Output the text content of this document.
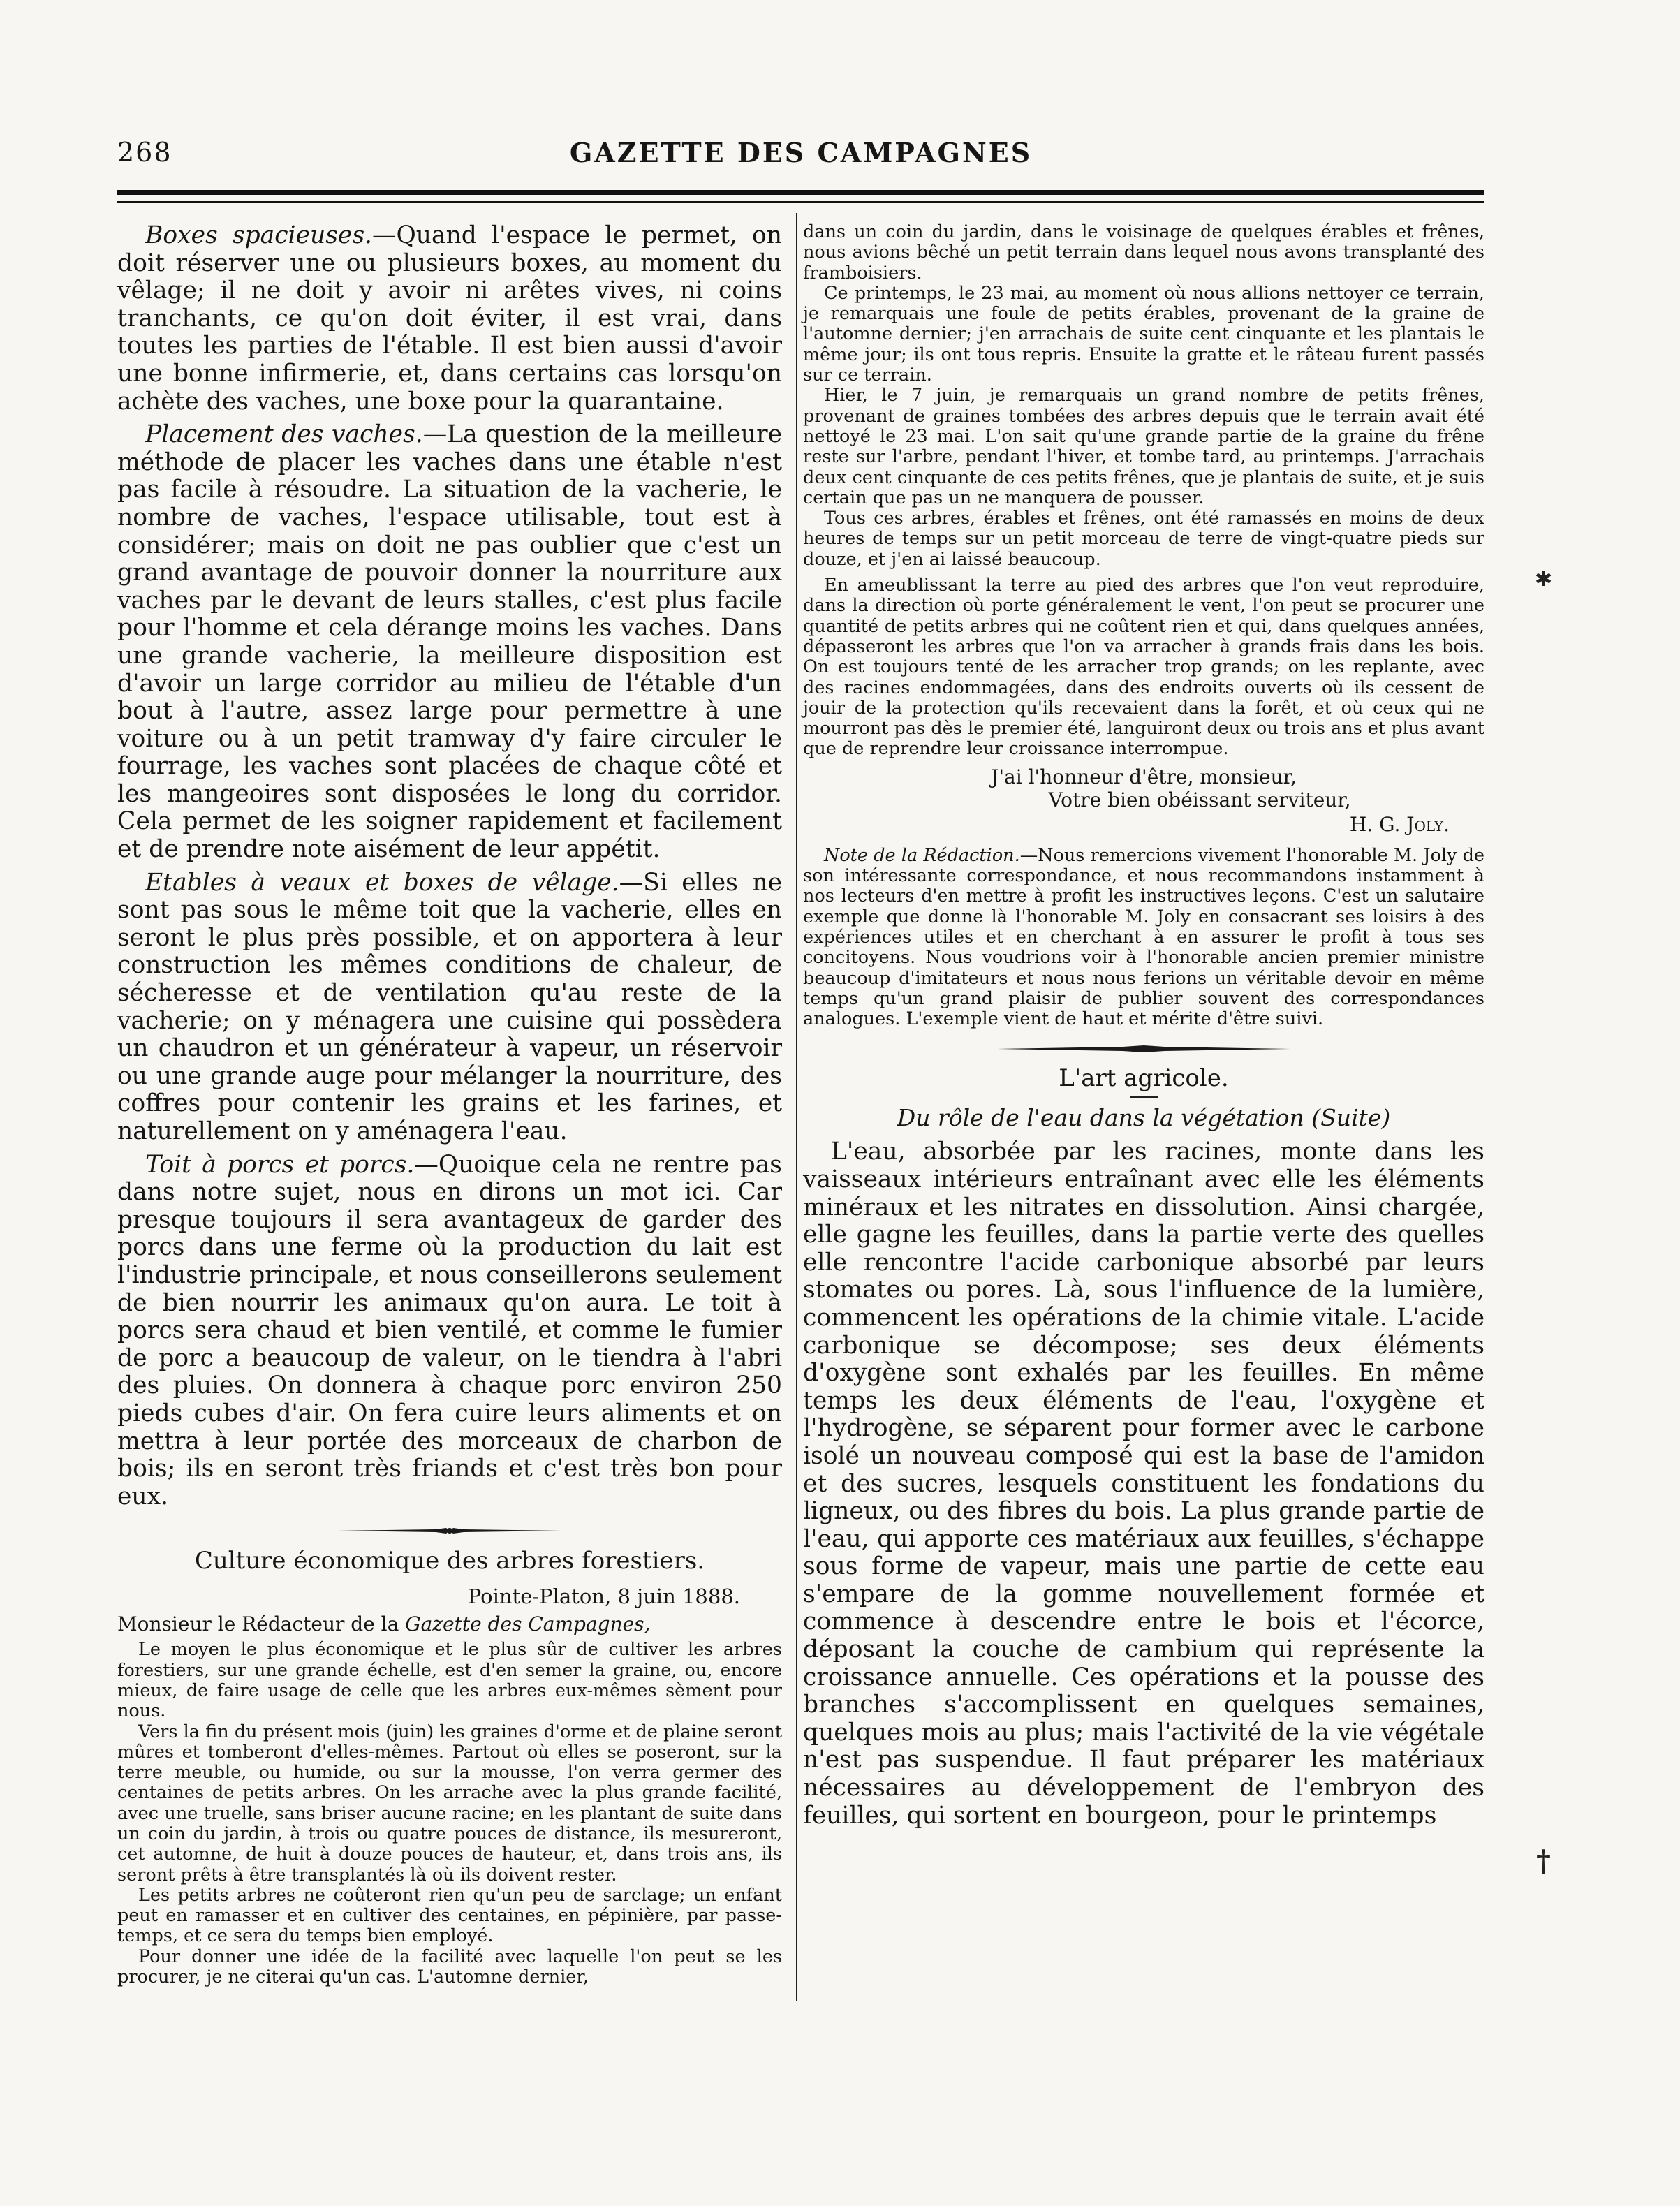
268	GAZETTE DES CAMPAGNES
✱
†

Boxes spacieuses.—Quand l'espace le permet, on doit réserver une ou plusieurs boxes, au moment du vêlage; il ne doit y avoir ni arêtes vives, ni coins tranchants, ce qu'on doit éviter, il est vrai, dans toutes les parties de l'étable. Il est bien aussi d'avoir une bonne infirmerie, et, dans certains cas lorsqu'on achète des vaches, une boxe pour la quarantaine.

Placement des vaches.—La question de la meilleure méthode de placer les vaches dans une étable n'est pas facile à résoudre. La situation de la vacherie, le nombre de vaches, l'espace utilisable, tout est à considérer; mais on doit ne pas oublier que c'est un grand avantage de pouvoir donner la nourriture aux vaches par le devant de leurs stalles, c'est plus facile pour l'homme et cela dérange moins les vaches. Dans une grande vacherie, la meilleure disposition est d'avoir un large corridor au milieu de l'étable d'un bout à l'autre, assez large pour permettre à une voiture ou à un petit tramway d'y faire circuler le fourrage, les vaches sont placées de chaque côté et les mangeoires sont disposées le long du corridor. Cela permet de les soigner rapidement et facilement et de prendre note aisément de leur appétit.

Etables à veaux et boxes de vêlage.—Si elles ne sont pas sous le même toit que la vacherie, elles en seront le plus près possible, et on apportera à leur construction les mêmes conditions de chaleur, de sécheresse et de ventilation qu'au reste de la vacherie; on y ménagera une cuisine qui possèdera un chaudron et un générateur à vapeur, un réservoir ou une grande auge pour mélanger la nourriture, des coffres pour contenir les grains et les farines, et naturellement on y aménagera l'eau.

Toit à porcs et porcs.—Quoique cela ne rentre pas dans notre sujet, nous en dirons un mot ici. Car presque toujours il sera avantageux de garder des porcs dans une ferme où la production du lait est l'industrie principale, et nous conseillerons seulement de bien nourrir les animaux qu'on aura. Le toit à porcs sera chaud et bien ventilé, et comme le fumier de porc a beaucoup de valeur, on le tiendra à l'abri des pluies. On donnera à chaque porc environ 250 pieds cubes d'air. On fera cuire leurs aliments et on mettra à leur portée des morceaux de charbon de bois; ils en seront très friands et c'est très bon pour eux.

Culture économique des arbres forestiers.
Pointe-Platon, 8 juin 1888.
Monsieur le Rédacteur de la Gazette des Campagnes,

Le moyen le plus économique et le plus sûr de cultiver les arbres forestiers, sur une grande échelle, est d'en semer la graine, ou, encore mieux, de faire usage de celle que les arbres eux-mêmes sèment pour nous.

Vers la fin du présent mois (juin) les graines d'orme et de plaine seront mûres et tomberont d'elles-mêmes. Partout où elles se poseront, sur la terre meuble, ou humide, ou sur la mousse, l'on verra germer des centaines de petits arbres. On les arrache avec la plus grande facilité, avec une truelle, sans briser aucune racine; en les plantant de suite dans un coin du jardin, à trois ou quatre pouces de distance, ils mesureront, cet automne, de huit à douze pouces de hauteur, et, dans trois ans, ils seront prêts à être transplantés là où ils doivent rester.

Les petits arbres ne coûteront rien qu'un peu de sarclage; un enfant peut en ramasser et en cultiver des centaines, en pépinière, par passe-temps, et ce sera du temps bien employé.

Pour donner une idée de la facilité avec laquelle l'on peut se les procurer, je ne citerai qu'un cas. L'automne dernier,

dans un coin du jardin, dans le voisinage de quelques érables et frênes, nous avions bêché un petit terrain dans lequel nous avons transplanté des framboisiers.

Ce printemps, le 23 mai, au moment où nous allions nettoyer ce terrain, je remarquais une foule de petits érables, provenant de la graine de l'automne dernier; j'en arrachais de suite cent cinquante et les plantais le même jour; ils ont tous repris. Ensuite la gratte et le râteau furent passés sur ce terrain.

Hier, le 7 juin, je remarquais un grand nombre de petits frênes, provenant de graines tombées des arbres depuis que le terrain avait été nettoyé le 23 mai. L'on sait qu'une grande partie de la graine du frêne reste sur l'arbre, pendant l'hiver, et tombe tard, au printemps. J'arrachais deux cent cinquante de ces petits frênes, que je plantais de suite, et je suis certain que pas un ne manquera de pousser.

Tous ces arbres, érables et frênes, ont été ramassés en moins de deux heures de temps sur un petit morceau de terre de vingt-quatre pieds sur douze, et j'en ai laissé beaucoup.

En ameublissant la terre au pied des arbres que l'on veut reproduire, dans la direction où porte généralement le vent, l'on peut se procurer une quantité de petits arbres qui ne coûtent rien et qui, dans quelques années, dépasseront les arbres que l'on va arracher à grands frais dans les bois. On est toujours tenté de les arracher trop grands; on les replante, avec des racines endommagées, dans des endroits ouverts où ils cessent de jouir de la protection qu'ils recevaient dans la forêt, et où ceux qui ne mourront pas dès le premier été, languiront deux ou trois ans et plus avant que de reprendre leur croissance interrompue.

J'ai l'honneur d'être, monsieur,
Votre bien obéissant serviteur,
H. G. Joly.

Note de la Rédaction.—Nous remercions vivement l'honorable M. Joly de son intéressante correspondance, et nous recommandons instamment à nos lecteurs d'en mettre à profit les instructives leçons. C'est un salutaire exemple que donne là l'honorable M. Joly en consacrant ses loisirs à des expériences utiles et en cherchant à en assurer le profit à tous ses concitoyens. Nous voudrions voir à l'honorable ancien premier ministre beaucoup d'imitateurs et nous nous ferions un véritable devoir en même temps qu'un grand plaisir de publier souvent des correspondances analogues. L'exemple vient de haut et mérite d'être suivi.

L'art agricole.
Du rôle de l'eau dans la végétation (Suite)

L'eau, absorbée par les racines, monte dans les vaisseaux intérieurs entraînant avec elle les éléments minéraux et les nitrates en dissolution. Ainsi chargée, elle gagne les feuilles, dans la partie verte des quelles elle rencontre l'acide carbonique absorbé par leurs stomates ou pores. Là, sous l'influence de la lumière, commencent les opérations de la chimie vitale. L'acide carbonique se décompose; ses deux éléments d'oxygène sont exhalés par les feuilles. En même temps les deux éléments de l'eau, l'oxygène et l'hydrogène, se séparent pour former avec le carbone isolé un nouveau composé qui est la base de l'amidon et des sucres, lesquels constituent les fondations du ligneux, ou des fibres du bois. La plus grande partie de l'eau, qui apporte ces matériaux aux feuilles, s'échappe sous forme de vapeur, mais une partie de cette eau s'empare de la gomme nouvellement formée et commence à descendre entre le bois et l'écorce, déposant la couche de cambium qui représente la croissance annuelle. Ces opérations et la pousse des branches s'accomplissent en quelques semaines, quelques mois au plus; mais l'activité de la vie végétale n'est pas suspendue. Il faut préparer les matériaux nécessaires au développement de l'embryon des feuilles, qui sortent en bourgeon, pour le printemps
